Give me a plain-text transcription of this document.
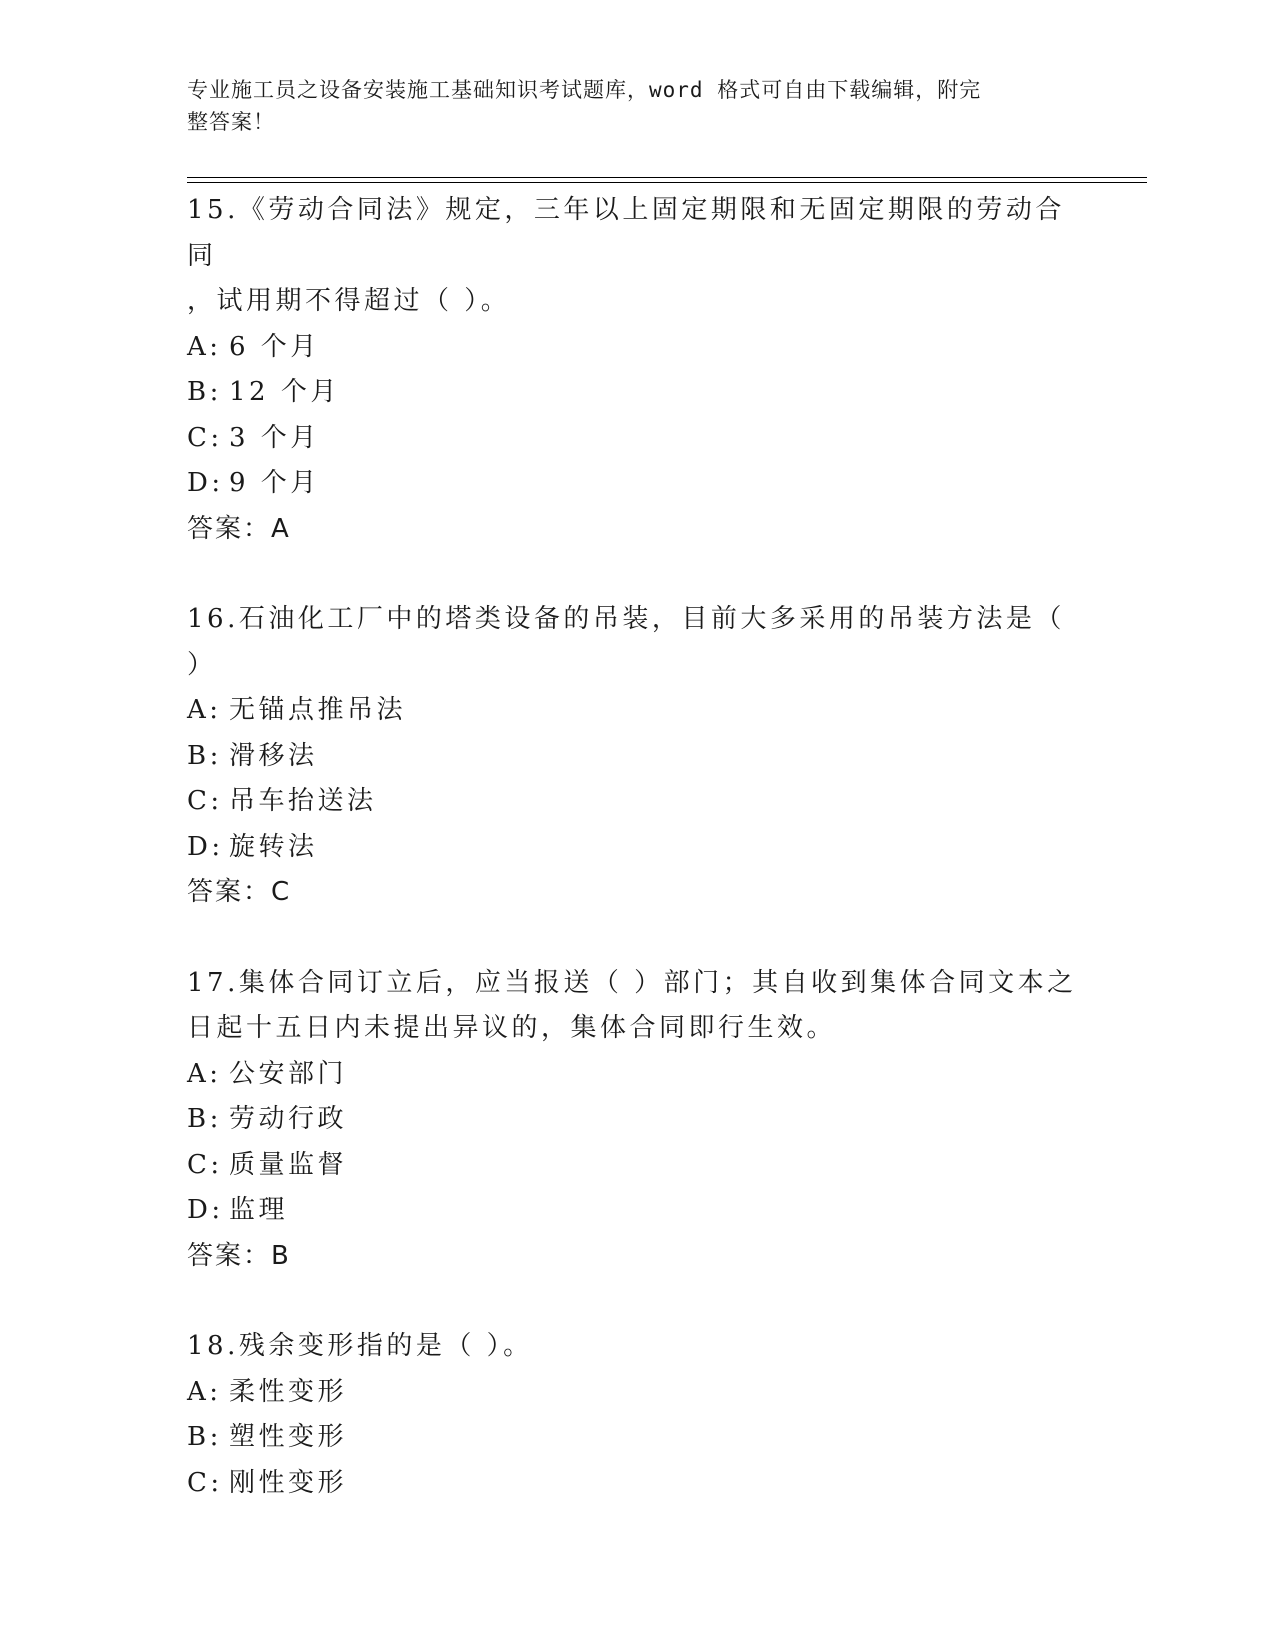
专业施工员之设备安装施工基础知识考试题库，word 格式可自由下载编辑，附完
整答案！
15.《劳动合同法》规定，三年以上固定期限和无固定期限的劳动合同
，试用期不得超过（ ）。
A: 6 个月
B: 12 个月
C: 3 个月
D: 9 个月
答案：A
16.石油化工厂中的塔类设备的吊装，目前大多采用的吊装方法是（
）
A: 无锚点推吊法
B: 滑移法
C: 吊车抬送法
D: 旋转法
答案：C
17.集体合同订立后，应当报送（ ）部门；其自收到集体合同文本之
日起十五日内未提出异议的，集体合同即行生效。
A: 公安部门
B: 劳动行政
C: 质量监督
D: 监理
答案：B
18.残余变形指的是（ ）。
A: 柔性变形
B: 塑性变形
C: 刚性变形
